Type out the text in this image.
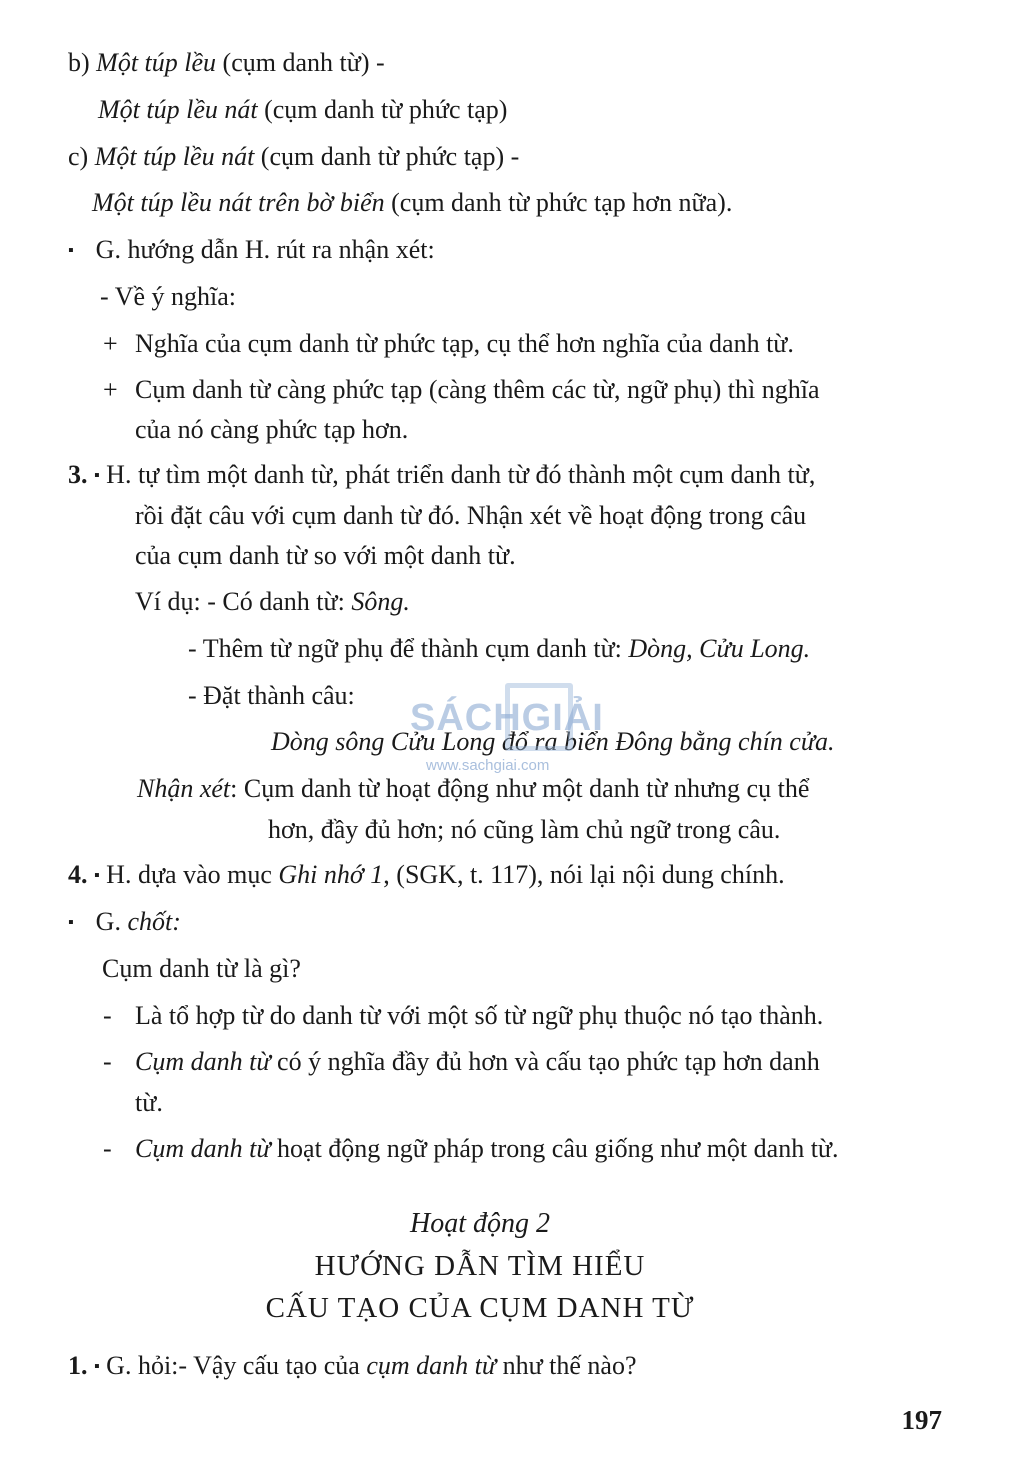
b) Một túp lều (cụm danh từ) -
Một túp lều nát (cụm danh từ phức tạp)
c) Một túp lều nát (cụm danh từ phức tạp) -
Một túp lều nát trên bờ biển (cụm danh từ phức tạp hơn nữa).
▪ G. hướng dẫn H. rút ra nhận xét:
- Về ý nghĩa:
+ Nghĩa của cụm danh từ phức tạp, cụ thể hơn nghĩa của danh từ.
+ Cụm danh từ càng phức tạp (càng thêm các từ, ngữ phụ) thì nghĩa
của nó càng phức tạp hơn.
3. ▪ H. tự tìm một danh từ, phát triển danh từ đó thành một cụm danh từ,
rồi đặt câu với cụm danh từ đó. Nhận xét về hoạt động trong câu
của cụm danh từ so với một danh từ.
Ví dụ: - Có danh từ: Sông.
- Thêm từ ngữ phụ để thành cụm danh từ: Dòng, Cửu Long.
- Đặt thành câu:
Dòng sông Cửu Long đổ ra biển Đông bằng chín cửa.
Nhận xét: Cụm danh từ hoạt động như một danh từ nhưng cụ thể
hơn, đầy đủ hơn; nó cũng làm chủ ngữ trong câu.
4. ▪ H. dựa vào mục Ghi nhớ 1, (SGK, t. 117), nói lại nội dung chính.
▪ G. chốt:
Cụm danh từ là gì?
- Là tổ hợp từ do danh từ với một số từ ngữ phụ thuộc nó tạo thành.
- Cụm danh từ có ý nghĩa đầy đủ hơn và cấu tạo phức tạp hơn danh
từ.
- Cụm danh từ hoạt động ngữ pháp trong câu giống như một danh từ.
Hoạt động 2
HƯỚNG DẪN TÌM HIỂU
CẤU TẠO CỦA CỤM DANH TỪ
1. ▪ G. hỏi:- Vậy cấu tạo của cụm danh từ như thế nào?
197
SÁCHGIẢI
www.sachgiai.com
